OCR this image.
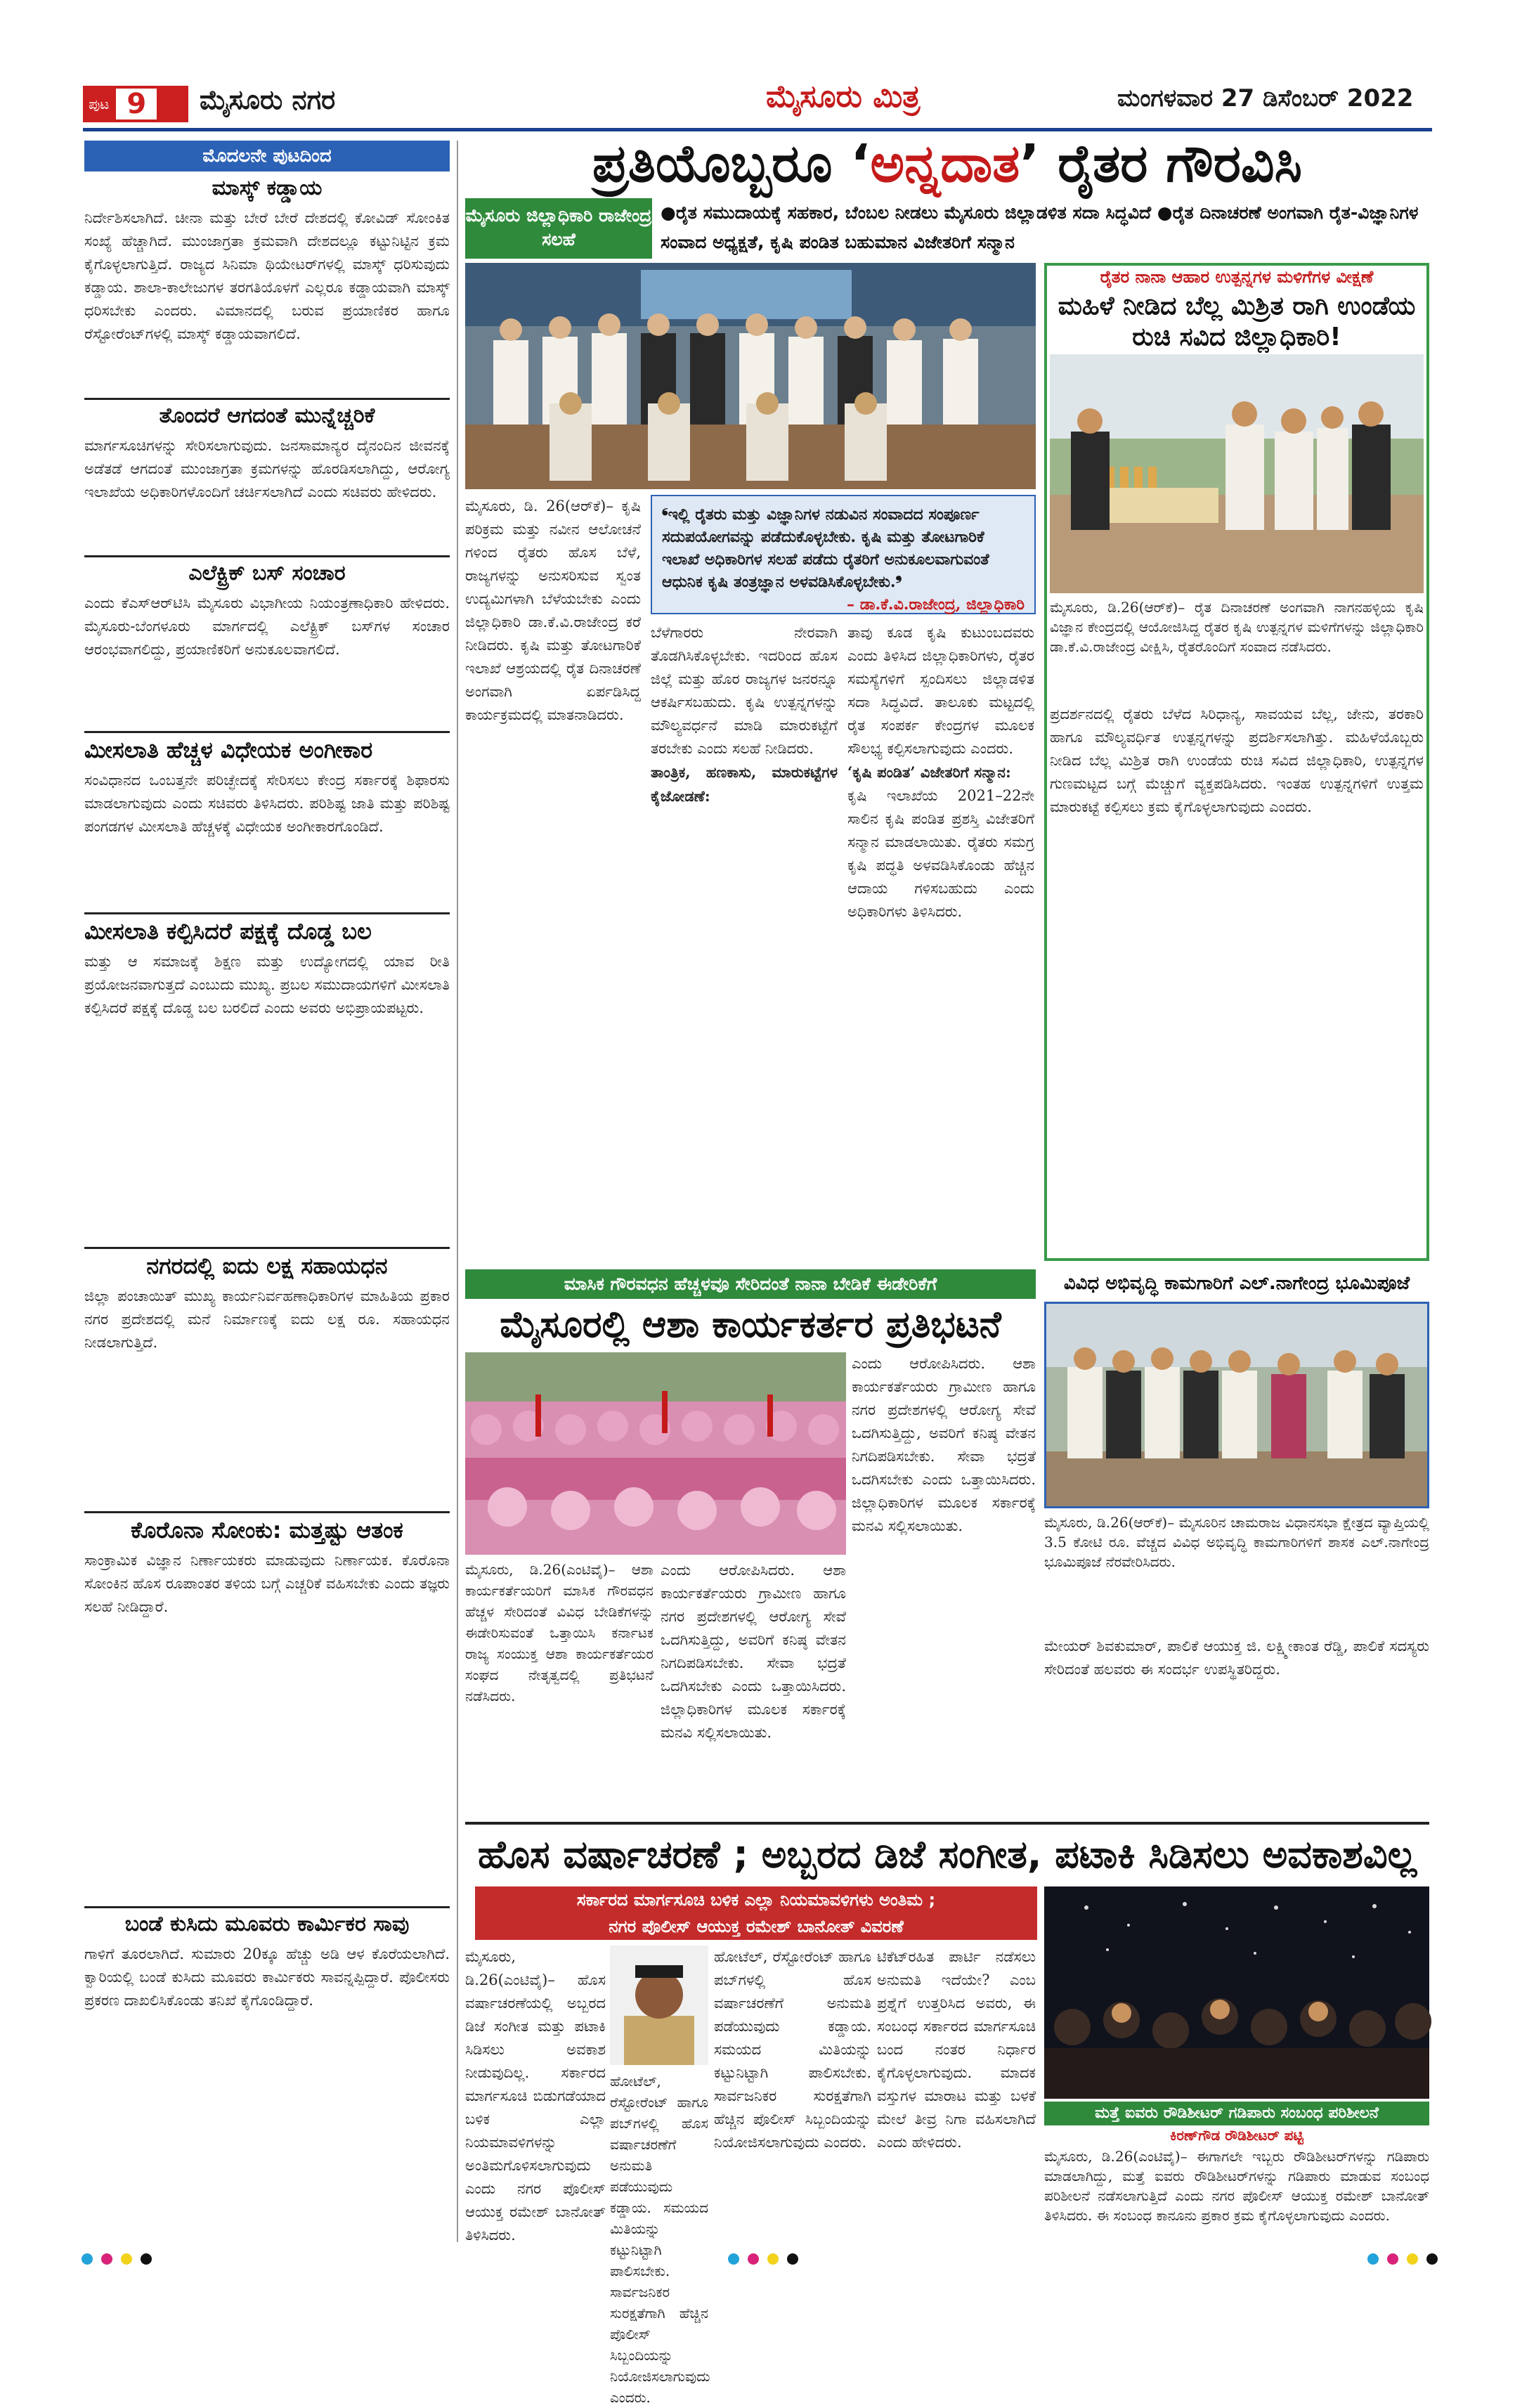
ಪುಟ 9	ಮೈಸೂರು ನಗರ	ಮೈಸೂರು ಮಿತ್ರ	ಮಂಗಳವಾರ 27 ಡಿಸೆಂಬರ್ 2022
ಮೊದಲನೇ ಪುಟದಿಂದ
ಮಾಸ್ಕ್ ಕಡ್ಡಾಯ
ನಿರ್ದೇಶಿಸಲಾಗಿದೆ. ಚೀನಾ ಮತ್ತು ಬೇರೆ ಬೇರೆ ದೇಶದಲ್ಲಿ ಕೋವಿಡ್ ಸೋಂಕಿತ ಸಂಖ್ಯೆ ಹೆಚ್ಚಾಗಿದೆ. ಮುಂಜಾಗ್ರತಾ ಕ್ರಮವಾಗಿ ದೇಶದಲ್ಲೂ ಕಟ್ಟುನಿಟ್ಟಿನ ಕ್ರಮ ಕೈಗೊಳ್ಳಲಾಗುತ್ತಿದೆ. ರಾಜ್ಯದ ಸಿನಿಮಾ ಥಿಯೇಟರ್‌ಗಳಲ್ಲಿ ಮಾಸ್ಕ್ ಧರಿಸುವುದು ಕಡ್ಡಾಯ. ಶಾಲಾ-ಕಾಲೇಜುಗಳ ತರಗತಿಯೊಳಗೆ ಎಲ್ಲರೂ ಕಡ್ಡಾಯವಾಗಿ ಮಾಸ್ಕ್ ಧರಿಸಬೇಕು ಎಂದರು. ವಿಮಾನದಲ್ಲಿ ಬರುವ ಪ್ರಯಾಣಿಕರ ಹಾಗೂ ರೆಸ್ಟೋರೆಂಟ್‌ಗಳಲ್ಲಿ ಮಾಸ್ಕ್ ಕಡ್ಡಾಯವಾಗಲಿದೆ.
ತೊಂದರೆ ಆಗದಂತೆ ಮುನ್ನೆಚ್ಚರಿಕೆ
ಮಾರ್ಗಸೂಚಿಗಳನ್ನು ಸೇರಿಸಲಾಗುವುದು. ಜನಸಾಮಾನ್ಯರ ದೈನಂದಿನ ಜೀವನಕ್ಕೆ ಅಡೆತಡೆ ಆಗದಂತೆ ಮುಂಜಾಗ್ರತಾ ಕ್ರಮಗಳನ್ನು ಹೊರಡಿಸಲಾಗಿದ್ದು, ಆರೋಗ್ಯ ಇಲಾಖೆಯ ಅಧಿಕಾರಿಗಳೊಂದಿಗೆ ಚರ್ಚಿಸಲಾಗಿದೆ ಎಂದು ಸಚಿವರು ಹೇಳಿದರು.
ಎಲೆಕ್ಟ್ರಿಕ್ ಬಸ್ ಸಂಚಾರ
ಎಂದು ಕೆಎಸ್‌ಆರ್‌ಟಿಸಿ ಮೈಸೂರು ವಿಭಾಗೀಯ ನಿಯಂತ್ರಣಾಧಿಕಾರಿ ಹೇಳಿದರು. ಮೈಸೂರು-ಬೆಂಗಳೂರು ಮಾರ್ಗದಲ್ಲಿ ಎಲೆಕ್ಟ್ರಿಕ್ ಬಸ್‌ಗಳ ಸಂಚಾರ ಆರಂಭವಾಗಲಿದ್ದು, ಪ್ರಯಾಣಿಕರಿಗೆ ಅನುಕೂಲವಾಗಲಿದೆ.
ಮೀಸಲಾತಿ ಹೆಚ್ಚಳ ವಿಧೇಯಕ ಅಂಗೀಕಾರ
ಸಂವಿಧಾನದ ಒಂಬತ್ತನೇ ಪರಿಚ್ಛೇದಕ್ಕೆ ಸೇರಿಸಲು ಕೇಂದ್ರ ಸರ್ಕಾರಕ್ಕೆ ಶಿಫಾರಸು ಮಾಡಲಾಗುವುದು ಎಂದು ಸಚಿವರು ತಿಳಿಸಿದರು. ಪರಿಶಿಷ್ಟ ಜಾತಿ ಮತ್ತು ಪರಿಶಿಷ್ಟ ಪಂಗಡಗಳ ಮೀಸಲಾತಿ ಹೆಚ್ಚಳಕ್ಕೆ ವಿಧೇಯಕ ಅಂಗೀಕಾರಗೊಂಡಿದೆ.
ಮೀಸಲಾತಿ ಕಲ್ಪಿಸಿದರೆ ಪಕ್ಷಕ್ಕೆ ದೊಡ್ಡ ಬಲ
ಮತ್ತು ಆ ಸಮಾಜಕ್ಕೆ ಶಿಕ್ಷಣ ಮತ್ತು ಉದ್ಯೋಗದಲ್ಲಿ ಯಾವ ರೀತಿ ಪ್ರಯೋಜನವಾಗುತ್ತದೆ ಎಂಬುದು ಮುಖ್ಯ. ಪ್ರಬಲ ಸಮುದಾಯಗಳಿಗೆ ಮೀಸಲಾತಿ ಕಲ್ಪಿಸಿದರೆ ಪಕ್ಷಕ್ಕೆ ದೊಡ್ಡ ಬಲ ಬರಲಿದೆ ಎಂದು ಅವರು ಅಭಿಪ್ರಾಯಪಟ್ಟರು.
ನಗರದಲ್ಲಿ ಐದು ಲಕ್ಷ ಸಹಾಯಧನ
ಜಿಲ್ಲಾ ಪಂಚಾಯಿತ್ ಮುಖ್ಯ ಕಾರ್ಯನಿರ್ವಹಣಾಧಿಕಾರಿಗಳ ಮಾಹಿತಿಯ ಪ್ರಕಾರ ನಗರ ಪ್ರದೇಶದಲ್ಲಿ ಮನೆ ನಿರ್ಮಾಣಕ್ಕೆ ಐದು ಲಕ್ಷ ರೂ. ಸಹಾಯಧನ ನೀಡಲಾಗುತ್ತಿದೆ.
ಕೊರೊನಾ ಸೋಂಕು: ಮತ್ತಷ್ಟು ಆತಂಕ
ಸಾಂಕ್ರಾಮಿಕ ವಿಜ್ಞಾನ ನಿರ್ಣಾಯಕರು ಮಾಡುವುದು ನಿರ್ಣಾಯಕ. ಕೊರೊನಾ ಸೋಂಕಿನ ಹೊಸ ರೂಪಾಂತರ ತಳಿಯ ಬಗ್ಗೆ ಎಚ್ಚರಿಕೆ ವಹಿಸಬೇಕು ಎಂದು ತಜ್ಞರು ಸಲಹೆ ನೀಡಿದ್ದಾರೆ.
ಬಂಡೆ ಕುಸಿದು ಮೂವರು ಕಾರ್ಮಿಕರ ಸಾವು
ಗಾಳಿಗೆ ತೂರಲಾಗಿದೆ. ಸುಮಾರು 20ಕ್ಕೂ ಹೆಚ್ಚು ಅಡಿ ಆಳ ಕೊರೆಯಲಾಗಿದೆ. ಕ್ವಾರಿಯಲ್ಲಿ ಬಂಡೆ ಕುಸಿದು ಮೂವರು ಕಾರ್ಮಿಕರು ಸಾವನ್ನಪ್ಪಿದ್ದಾರೆ. ಪೊಲೀಸರು ಪ್ರಕರಣ ದಾಖಲಿಸಿಕೊಂಡು ತನಿಖೆ ಕೈಗೊಂಡಿದ್ದಾರೆ.
ಪ್ರತಿಯೊಬ್ಬರೂ ‘ಅನ್ನದಾತ’ ರೈತರ ಗೌರವಿಸಿ
ಮೈಸೂರು ಜಿಲ್ಲಾಧಿಕಾರಿ ರಾಜೇಂದ್ರ ಸಲಹೆ
●ರೈತ ಸಮುದಾಯಕ್ಕೆ ಸಹಕಾರ, ಬೆಂಬಲ ನೀಡಲು ಮೈಸೂರು ಜಿಲ್ಲಾಡಳಿತ ಸದಾ ಸಿದ್ಧವಿದೆ ●ರೈತ ದಿನಾಚರಣೆ ಅಂಗವಾಗಿ ರೈತ-ವಿಜ್ಞಾನಿಗಳ ಸಂವಾದ ಅಧ್ಯಕ್ಷತೆ, ಕೃಷಿ ಪಂಡಿತ ಬಹುಮಾನ ವಿಜೇತರಿಗೆ ಸನ್ಮಾನ
ಮೈಸೂರು, ಡಿ. 26(ಆರ್‌ಕೆ)– ಕೃಷಿ ಪರಿಕ್ರಮ ಮತ್ತು ನವೀನ ಆಲೋಚನೆ ಗಳಿಂದ ರೈತರು ಹೊಸ ಬೆಳೆ, ರಾಜ್ಯಗಳನ್ನು ಅನುಸರಿಸುವ ಸ್ವಂತ ಉದ್ಯಮಿಗಳಾಗಿ ಬೆಳೆಯಬೇಕು ಎಂದು ಜಿಲ್ಲಾಧಿಕಾರಿ ಡಾ.ಕೆ.ವಿ.ರಾಜೇಂದ್ರ ಕರೆ ನೀಡಿದರು. ಕೃಷಿ ಮತ್ತು ತೋಟಗಾರಿಕೆ ಇಲಾಖೆ ಆಶ್ರಯದಲ್ಲಿ ರೈತ ದಿನಾಚರಣೆ ಅಂಗವಾಗಿ ಏರ್ಪಡಿಸಿದ್ದ ಕಾರ್ಯಕ್ರಮದಲ್ಲಿ ಮಾತನಾಡಿದರು.
❛ಇಲ್ಲಿ ರೈತರು ಮತ್ತು ವಿಜ್ಞಾನಿಗಳ ನಡುವಿನ ಸಂವಾದದ ಸಂಪೂರ್ಣ ಸದುಪಯೋಗವನ್ನು ಪಡೆದುಕೊಳ್ಳಬೇಕು. ಕೃಷಿ ಮತ್ತು ತೋಟಗಾರಿಕೆ ಇಲಾಖೆ ಅಧಿಕಾರಿಗಳ ಸಲಹೆ ಪಡೆದು ರೈತರಿಗೆ ಅನುಕೂಲವಾಗುವಂತೆ ಆಧುನಿಕ ಕೃಷಿ ತಂತ್ರಜ್ಞಾನ ಅಳವಡಿಸಿಕೊಳ್ಳಬೇಕು.❜
– ಡಾ.ಕೆ.ವಿ.ರಾಜೇಂದ್ರ, ಜಿಲ್ಲಾಧಿಕಾರಿ
ಬೆಳೆಗಾರರು ನೇರವಾಗಿ ತೊಡಗಿಸಿಕೊಳ್ಳಬೇಕು. ಇದರಿಂದ ಹೊಸ ಜಿಲ್ಲೆ ಮತ್ತು ಹೊರ ರಾಜ್ಯಗಳ ಜನರನ್ನೂ ಆಕರ್ಷಿಸಬಹುದು. ಕೃಷಿ ಉತ್ಪನ್ನಗಳನ್ನು ಮೌಲ್ಯವರ್ಧನೆ ಮಾಡಿ ಮಾರುಕಟ್ಟೆಗೆ ತರಬೇಕು ಎಂದು ಸಲಹೆ ನೀಡಿದರು.
ತಾಂತ್ರಿಕ, ಹಣಕಾಸು, ಮಾರುಕಟ್ಟೆಗಳ ಕೈಜೋಡಣೆ:
ತಾವು ಕೂಡ ಕೃಷಿ ಕುಟುಂಬದವರು ಎಂದು ತಿಳಿಸಿದ ಜಿಲ್ಲಾಧಿಕಾರಿಗಳು, ರೈತರ ಸಮಸ್ಯೆಗಳಿಗೆ ಸ್ಪಂದಿಸಲು ಜಿಲ್ಲಾಡಳಿತ ಸದಾ ಸಿದ್ಧವಿದೆ. ತಾಲೂಕು ಮಟ್ಟದಲ್ಲಿ ರೈತ ಸಂಪರ್ಕ ಕೇಂದ್ರಗಳ ಮೂಲಕ ಸೌಲಭ್ಯ ಕಲ್ಪಿಸಲಾಗುವುದು ಎಂದರು.
‘ಕೃಷಿ ಪಂಡಿತ’ ವಿಜೇತರಿಗೆ ಸನ್ಮಾನ:
ಕೃಷಿ ಇಲಾಖೆಯ 2021–22ನೇ ಸಾಲಿನ ಕೃಷಿ ಪಂಡಿತ ಪ್ರಶಸ್ತಿ ವಿಜೇತರಿಗೆ ಸನ್ಮಾನ ಮಾಡಲಾಯಿತು. ರೈತರು ಸಮಗ್ರ ಕೃಷಿ ಪದ್ಧತಿ ಅಳವಡಿಸಿಕೊಂಡು ಹೆಚ್ಚಿನ ಆದಾಯ ಗಳಿಸಬಹುದು ಎಂದು ಅಧಿಕಾರಿಗಳು ತಿಳಿಸಿದರು.
ರೈತರ ನಾನಾ ಆಹಾರ ಉತ್ಪನ್ನಗಳ ಮಳಿಗೆಗಳ ವೀಕ್ಷಣೆ
ಮಹಿಳೆ ನೀಡಿದ ಬೆಲ್ಲ ಮಿಶ್ರಿತ ರಾಗಿ ಉಂಡೆಯ ರುಚಿ ಸವಿದ ಜಿಲ್ಲಾಧಿಕಾರಿ!
ಮೈಸೂರು, ಡಿ.26(ಆರ್‌ಕೆ)– ರೈತ ದಿನಾಚರಣೆ ಅಂಗವಾಗಿ ನಾಗನಹಳ್ಳಿಯ ಕೃಷಿ ವಿಜ್ಞಾನ ಕೇಂದ್ರದಲ್ಲಿ ಆಯೋಜಿಸಿದ್ದ ರೈತರ ಕೃಷಿ ಉತ್ಪನ್ನಗಳ ಮಳಿಗೆಗಳನ್ನು ಜಿಲ್ಲಾಧಿಕಾರಿ ಡಾ.ಕೆ.ವಿ.ರಾಜೇಂದ್ರ ವೀಕ್ಷಿಸಿ, ರೈತರೊಂದಿಗೆ ಸಂವಾದ ನಡೆಸಿದರು.
ಪ್ರದರ್ಶನದಲ್ಲಿ ರೈತರು ಬೆಳೆದ ಸಿರಿಧಾನ್ಯ, ಸಾವಯವ ಬೆಲ್ಲ, ಜೇನು, ತರಕಾರಿ ಹಾಗೂ ಮೌಲ್ಯವರ್ಧಿತ ಉತ್ಪನ್ನಗಳನ್ನು ಪ್ರದರ್ಶಿಸಲಾಗಿತ್ತು. ಮಹಿಳೆಯೊಬ್ಬರು ನೀಡಿದ ಬೆಲ್ಲ ಮಿಶ್ರಿತ ರಾಗಿ ಉಂಡೆಯ ರುಚಿ ಸವಿದ ಜಿಲ್ಲಾಧಿಕಾರಿ, ಉತ್ಪನ್ನಗಳ ಗುಣಮಟ್ಟದ ಬಗ್ಗೆ ಮೆಚ್ಚುಗೆ ವ್ಯಕ್ತಪಡಿಸಿದರು. ಇಂತಹ ಉತ್ಪನ್ನಗಳಿಗೆ ಉತ್ತಮ ಮಾರುಕಟ್ಟೆ ಕಲ್ಪಿಸಲು ಕ್ರಮ ಕೈಗೊಳ್ಳಲಾಗುವುದು ಎಂದರು.
ವಿವಿಧ ಅಭಿವೃದ್ಧಿ ಕಾಮಗಾರಿಗೆ ಎಲ್.ನಾಗೇಂದ್ರ ಭೂಮಿಪೂಜೆ
ಮೈಸೂರು, ಡಿ.26(ಆರ್‌ಕೆ)– ಮೈಸೂರಿನ ಚಾಮರಾಜ ವಿಧಾನಸಭಾ ಕ್ಷೇತ್ರದ ವ್ಯಾಪ್ತಿಯಲ್ಲಿ 3.5 ಕೋಟಿ ರೂ. ವೆಚ್ಚದ ವಿವಿಧ ಅಭಿವೃದ್ಧಿ ಕಾಮಗಾರಿಗಳಿಗೆ ಶಾಸಕ ಎಲ್.ನಾಗೇಂದ್ರ ಭೂಮಿಪೂಜೆ ನೆರವೇರಿಸಿದರು.
ಮೇಯರ್ ಶಿವಕುಮಾರ್, ಪಾಲಿಕೆ ಆಯುಕ್ತ ಜಿ. ಲಕ್ಷ್ಮೀಕಾಂತ ರೆಡ್ಡಿ, ಪಾಲಿಕೆ ಸದಸ್ಯರು ಸೇರಿದಂತೆ ಹಲವರು ಈ ಸಂದರ್ಭ ಉಪಸ್ಥಿತರಿದ್ದರು.
ಮಾಸಿಕ ಗೌರವಧನ ಹೆಚ್ಚಳವೂ ಸೇರಿದಂತೆ ನಾನಾ ಬೇಡಿಕೆ ಈಡೇರಿಕೆಗೆ
ಮೈಸೂರಲ್ಲಿ ಆಶಾ ಕಾರ್ಯಕರ್ತರ ಪ್ರತಿಭಟನೆ
ಮೈಸೂರು, ಡಿ.26(ಎಂಟಿವೈ)– ಆಶಾ ಕಾರ್ಯಕರ್ತೆಯರಿಗೆ ಮಾಸಿಕ ಗೌರವಧನ ಹೆಚ್ಚಳ ಸೇರಿದಂತೆ ವಿವಿಧ ಬೇಡಿಕೆಗಳನ್ನು ಈಡೇರಿಸುವಂತೆ ಒತ್ತಾಯಿಸಿ ಕರ್ನಾಟಕ ರಾಜ್ಯ ಸಂಯುಕ್ತ ಆಶಾ ಕಾರ್ಯಕರ್ತೆಯರ ಸಂಘದ ನೇತೃತ್ವದಲ್ಲಿ ಪ್ರತಿಭಟನೆ ನಡೆಸಿದರು.
ಎಂದು ಆರೋಪಿಸಿದರು. ಆಶಾ ಕಾರ್ಯಕರ್ತೆಯರು ಗ್ರಾಮೀಣ ಹಾಗೂ ನಗರ ಪ್ರದೇಶಗಳಲ್ಲಿ ಆರೋಗ್ಯ ಸೇವೆ ಒದಗಿಸುತ್ತಿದ್ದು, ಅವರಿಗೆ ಕನಿಷ್ಠ ವೇತನ ನಿಗದಿಪಡಿಸಬೇಕು. ಸೇವಾ ಭದ್ರತೆ ಒದಗಿಸಬೇಕು ಎಂದು ಒತ್ತಾಯಿಸಿದರು. ಜಿಲ್ಲಾಧಿಕಾರಿಗಳ ಮೂಲಕ ಸರ್ಕಾರಕ್ಕೆ ಮನವಿ ಸಲ್ಲಿಸಲಾಯಿತು.
ಎಂದು ಆರೋಪಿಸಿದರು. ಆಶಾ ಕಾರ್ಯಕರ್ತೆಯರು ಗ್ರಾಮೀಣ ಹಾಗೂ ನಗರ ಪ್ರದೇಶಗಳಲ್ಲಿ ಆರೋಗ್ಯ ಸೇವೆ ಒದಗಿಸುತ್ತಿದ್ದು, ಅವರಿಗೆ ಕನಿಷ್ಠ ವೇತನ ನಿಗದಿಪಡಿಸಬೇಕು. ಸೇವಾ ಭದ್ರತೆ ಒದಗಿಸಬೇಕು ಎಂದು ಒತ್ತಾಯಿಸಿದರು. ಜಿಲ್ಲಾಧಿಕಾರಿಗಳ ಮೂಲಕ ಸರ್ಕಾರಕ್ಕೆ ಮನವಿ ಸಲ್ಲಿಸಲಾಯಿತು.
ಹೊಸ ವರ್ಷಾಚರಣೆ ; ಅಬ್ಬರದ ಡಿಜೆ ಸಂಗೀತ, ಪಟಾಕಿ ಸಿಡಿಸಲು ಅವಕಾಶವಿಲ್ಲ
ಸರ್ಕಾರದ ಮಾರ್ಗಸೂಚಿ ಬಳಿಕ ಎಲ್ಲಾ ನಿಯಮಾವಳಿಗಳು ಅಂತಿಮ ;
ನಗರ ಪೊಲೀಸ್ ಆಯುಕ್ತ ರಮೇಶ್ ಬಾನೋತ್ ವಿವರಣೆ
ಮೈಸೂರು, ಡಿ.26(ಎಂಟಿವೈ)– ಹೊಸ ವರ್ಷಾಚರಣೆಯಲ್ಲಿ ಅಬ್ಬರದ ಡಿಜೆ ಸಂಗೀತ ಮತ್ತು ಪಟಾಕಿ ಸಿಡಿಸಲು ಅವಕಾಶ ನೀಡುವುದಿಲ್ಲ. ಸರ್ಕಾರದ ಮಾರ್ಗಸೂಚಿ ಬಿಡುಗಡೆಯಾದ ಬಳಿಕ ಎಲ್ಲಾ ನಿಯಮಾವಳಿಗಳನ್ನು ಅಂತಿಮಗೊಳಿಸಲಾಗುವುದು ಎಂದು ನಗರ ಪೊಲೀಸ್ ಆಯುಕ್ತ ರಮೇಶ್ ಬಾನೋತ್ ತಿಳಿಸಿದರು.
ಹೋಟೆಲ್, ರೆಸ್ಟೋರೆಂಟ್ ಹಾಗೂ ಪಬ್‌ಗಳಲ್ಲಿ ಹೊಸ ವರ್ಷಾಚರಣೆಗೆ ಅನುಮತಿ ಪಡೆಯುವುದು ಕಡ್ಡಾಯ. ಸಮಯದ ಮಿತಿಯನ್ನು ಕಟ್ಟುನಿಟ್ಟಾಗಿ ಪಾಲಿಸಬೇಕು. ಸಾರ್ವಜನಿಕರ ಸುರಕ್ಷತೆಗಾಗಿ ಹೆಚ್ಚಿನ ಪೊಲೀಸ್ ಸಿಬ್ಬಂದಿಯನ್ನು ನಿಯೋಜಿಸಲಾಗುವುದು ಎಂದರು.
ಹೋಟೆಲ್, ರೆಸ್ಟೋರೆಂಟ್ ಹಾಗೂ ಪಬ್‌ಗಳಲ್ಲಿ ಹೊಸ ವರ್ಷಾಚರಣೆಗೆ ಅನುಮತಿ ಪಡೆಯುವುದು ಕಡ್ಡಾಯ. ಸಮಯದ ಮಿತಿಯನ್ನು ಕಟ್ಟುನಿಟ್ಟಾಗಿ ಪಾಲಿಸಬೇಕು. ಸಾರ್ವಜನಿಕರ ಸುರಕ್ಷತೆಗಾಗಿ ಹೆಚ್ಚಿನ ಪೊಲೀಸ್ ಸಿಬ್ಬಂದಿಯನ್ನು ನಿಯೋಜಿಸಲಾಗುವುದು ಎಂದರು.
ಟಿಕೆಟ್‌ರಹಿತ ಪಾರ್ಟಿ ನಡೆಸಲು ಅನುಮತಿ ಇದೆಯೇ? ಎಂಬ ಪ್ರಶ್ನೆಗೆ ಉತ್ತರಿಸಿದ ಅವರು, ಈ ಸಂಬಂಧ ಸರ್ಕಾರದ ಮಾರ್ಗಸೂಚಿ ಬಂದ ನಂತರ ನಿರ್ಧಾರ ಕೈಗೊಳ್ಳಲಾಗುವುದು. ಮಾದಕ ವಸ್ತುಗಳ ಮಾರಾಟ ಮತ್ತು ಬಳಕೆ ಮೇಲೆ ತೀವ್ರ ನಿಗಾ ವಹಿಸಲಾಗಿದೆ ಎಂದು ಹೇಳಿದರು.
ಮತ್ತೆ ಐವರು ರೌಡಿಶೀಟರ್ ಗಡಿಪಾರು ಸಂಬಂಧ ಪರಿಶೀಲನೆ
ಕಿರಣ್‌ಗೌಡ ರೌಡಿಶೀಟರ್ ಪಟ್ಟಿ
ಮೈಸೂರು, ಡಿ.26(ಎಂಟಿವೈ)– ಈಗಾಗಲೇ ಇಬ್ಬರು ರೌಡಿಶೀಟರ್‌ಗಳನ್ನು ಗಡಿಪಾರು ಮಾಡಲಾಗಿದ್ದು, ಮತ್ತೆ ಐವರು ರೌಡಿಶೀಟರ್‌ಗಳನ್ನು ಗಡಿಪಾರು ಮಾಡುವ ಸಂಬಂಧ ಪರಿಶೀಲನೆ ನಡೆಸಲಾಗುತ್ತಿದೆ ಎಂದು ನಗರ ಪೊಲೀಸ್ ಆಯುಕ್ತ ರಮೇಶ್ ಬಾನೋತ್ ತಿಳಿಸಿದರು. ಈ ಸಂಬಂಧ ಕಾನೂನು ಪ್ರಕಾರ ಕ್ರಮ ಕೈಗೊಳ್ಳಲಾಗುವುದು ಎಂದರು.
